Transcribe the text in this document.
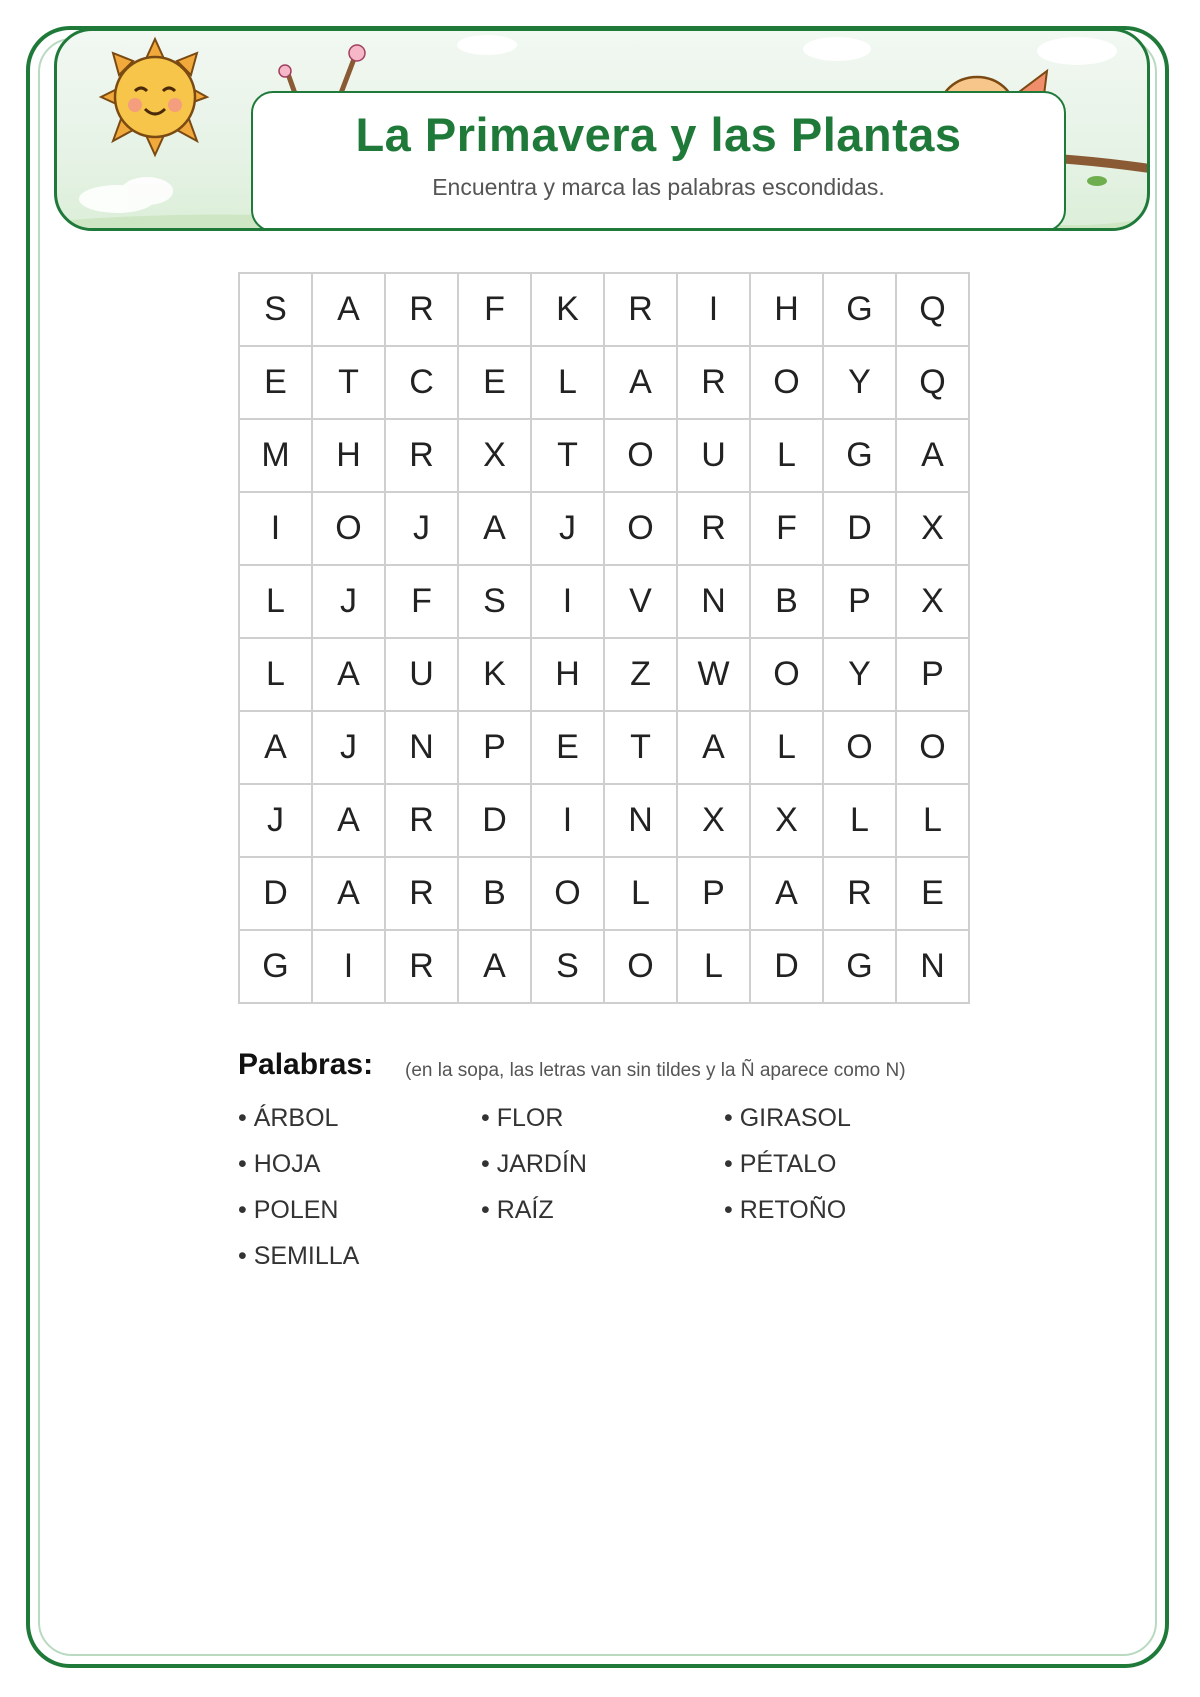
La Primavera y las Plantas
Encuentra y marca las palabras escondidas.
S	A	R	F	K	R	I	H	G	Q
E	T	C	E	L	A	R	O	Y	Q
M	H	R	X	T	O	U	L	G	A
I	O	J	A	J	O	R	F	D	X
L	J	F	S	I	V	N	B	P	X
L	A	U	K	H	Z	W	O	Y	P
A	J	N	P	E	T	A	L	O	O
J	A	R	D	I	N	X	X	L	L
D	A	R	B	O	L	P	A	R	E
G	I	R	A	S	O	L	D	G	N
Palabras: (en la sopa, las letras van sin tildes y la Ñ aparece como N)
• ÁRBOL	• FLOR	• GIRASOL
• HOJA	• JARDÍN	• PÉTALO
• POLEN	• RAÍZ	• RETOÑO
• SEMILLA
